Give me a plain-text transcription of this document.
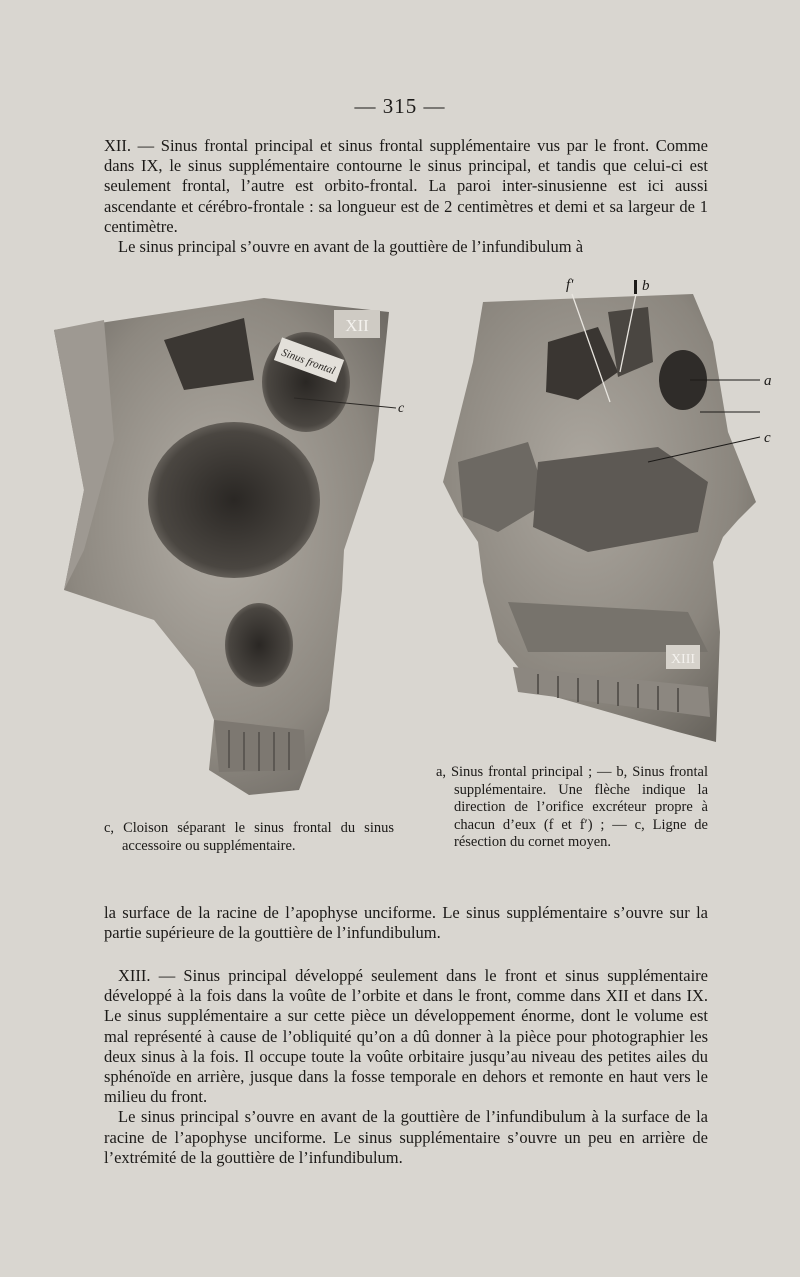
— 315 —

XII. — Sinus frontal principal et sinus frontal supplémentaire vus par le front. Comme dans IX, le sinus supplémentaire contourne le sinus principal, et tandis que celui-ci est seulement frontal, l’autre est orbito-frontal. La paroi inter-sinusienne est ici aussi ascendante et cérébro-frontale : sa longueur est de 2 centimètres et demi et sa largeur de 1 centimètre.

Le sinus principal s’ouvre en avant de la gouttière de l’infundibulum à

XII
Sinus frontal
c
XIII
f'	b
a
c
a, Sinus frontal principal ; — b, Sinus frontal supplémentaire. Une flèche indique la direction de l’orifice excréteur propre à chacun d’eux (f et f′) ; — c, Ligne de résection du cornet moyen.
c, Cloison séparant le sinus frontal du sinus accessoire ou supplémentaire.

la surface de la racine de l’apophyse unciforme. Le sinus supplémentaire s’ouvre sur la partie supérieure de la gouttière de l’infundibulum.

XIII. — Sinus principal développé seulement dans le front et sinus supplémentaire développé à la fois dans la voûte de l’orbite et dans le front, comme dans XII et dans IX. Le sinus supplémentaire a sur cette pièce un développement énorme, dont le volume est mal représenté à cause de l’obliquité qu’on a dû donner à la pièce pour photographier les deux sinus à la fois. Il occupe toute la voûte orbitaire jusqu’au niveau des petites ailes du sphénoïde en arrière, jusque dans la fosse temporale en dehors et remonte en haut vers le milieu du front.

Le sinus principal s’ouvre en avant de la gouttière de l’infundibulum à la surface de la racine de l’apophyse unciforme. Le sinus supplémentaire s’ouvre un peu en arrière de l’extrémité de la gouttière de l’infundibulum.
